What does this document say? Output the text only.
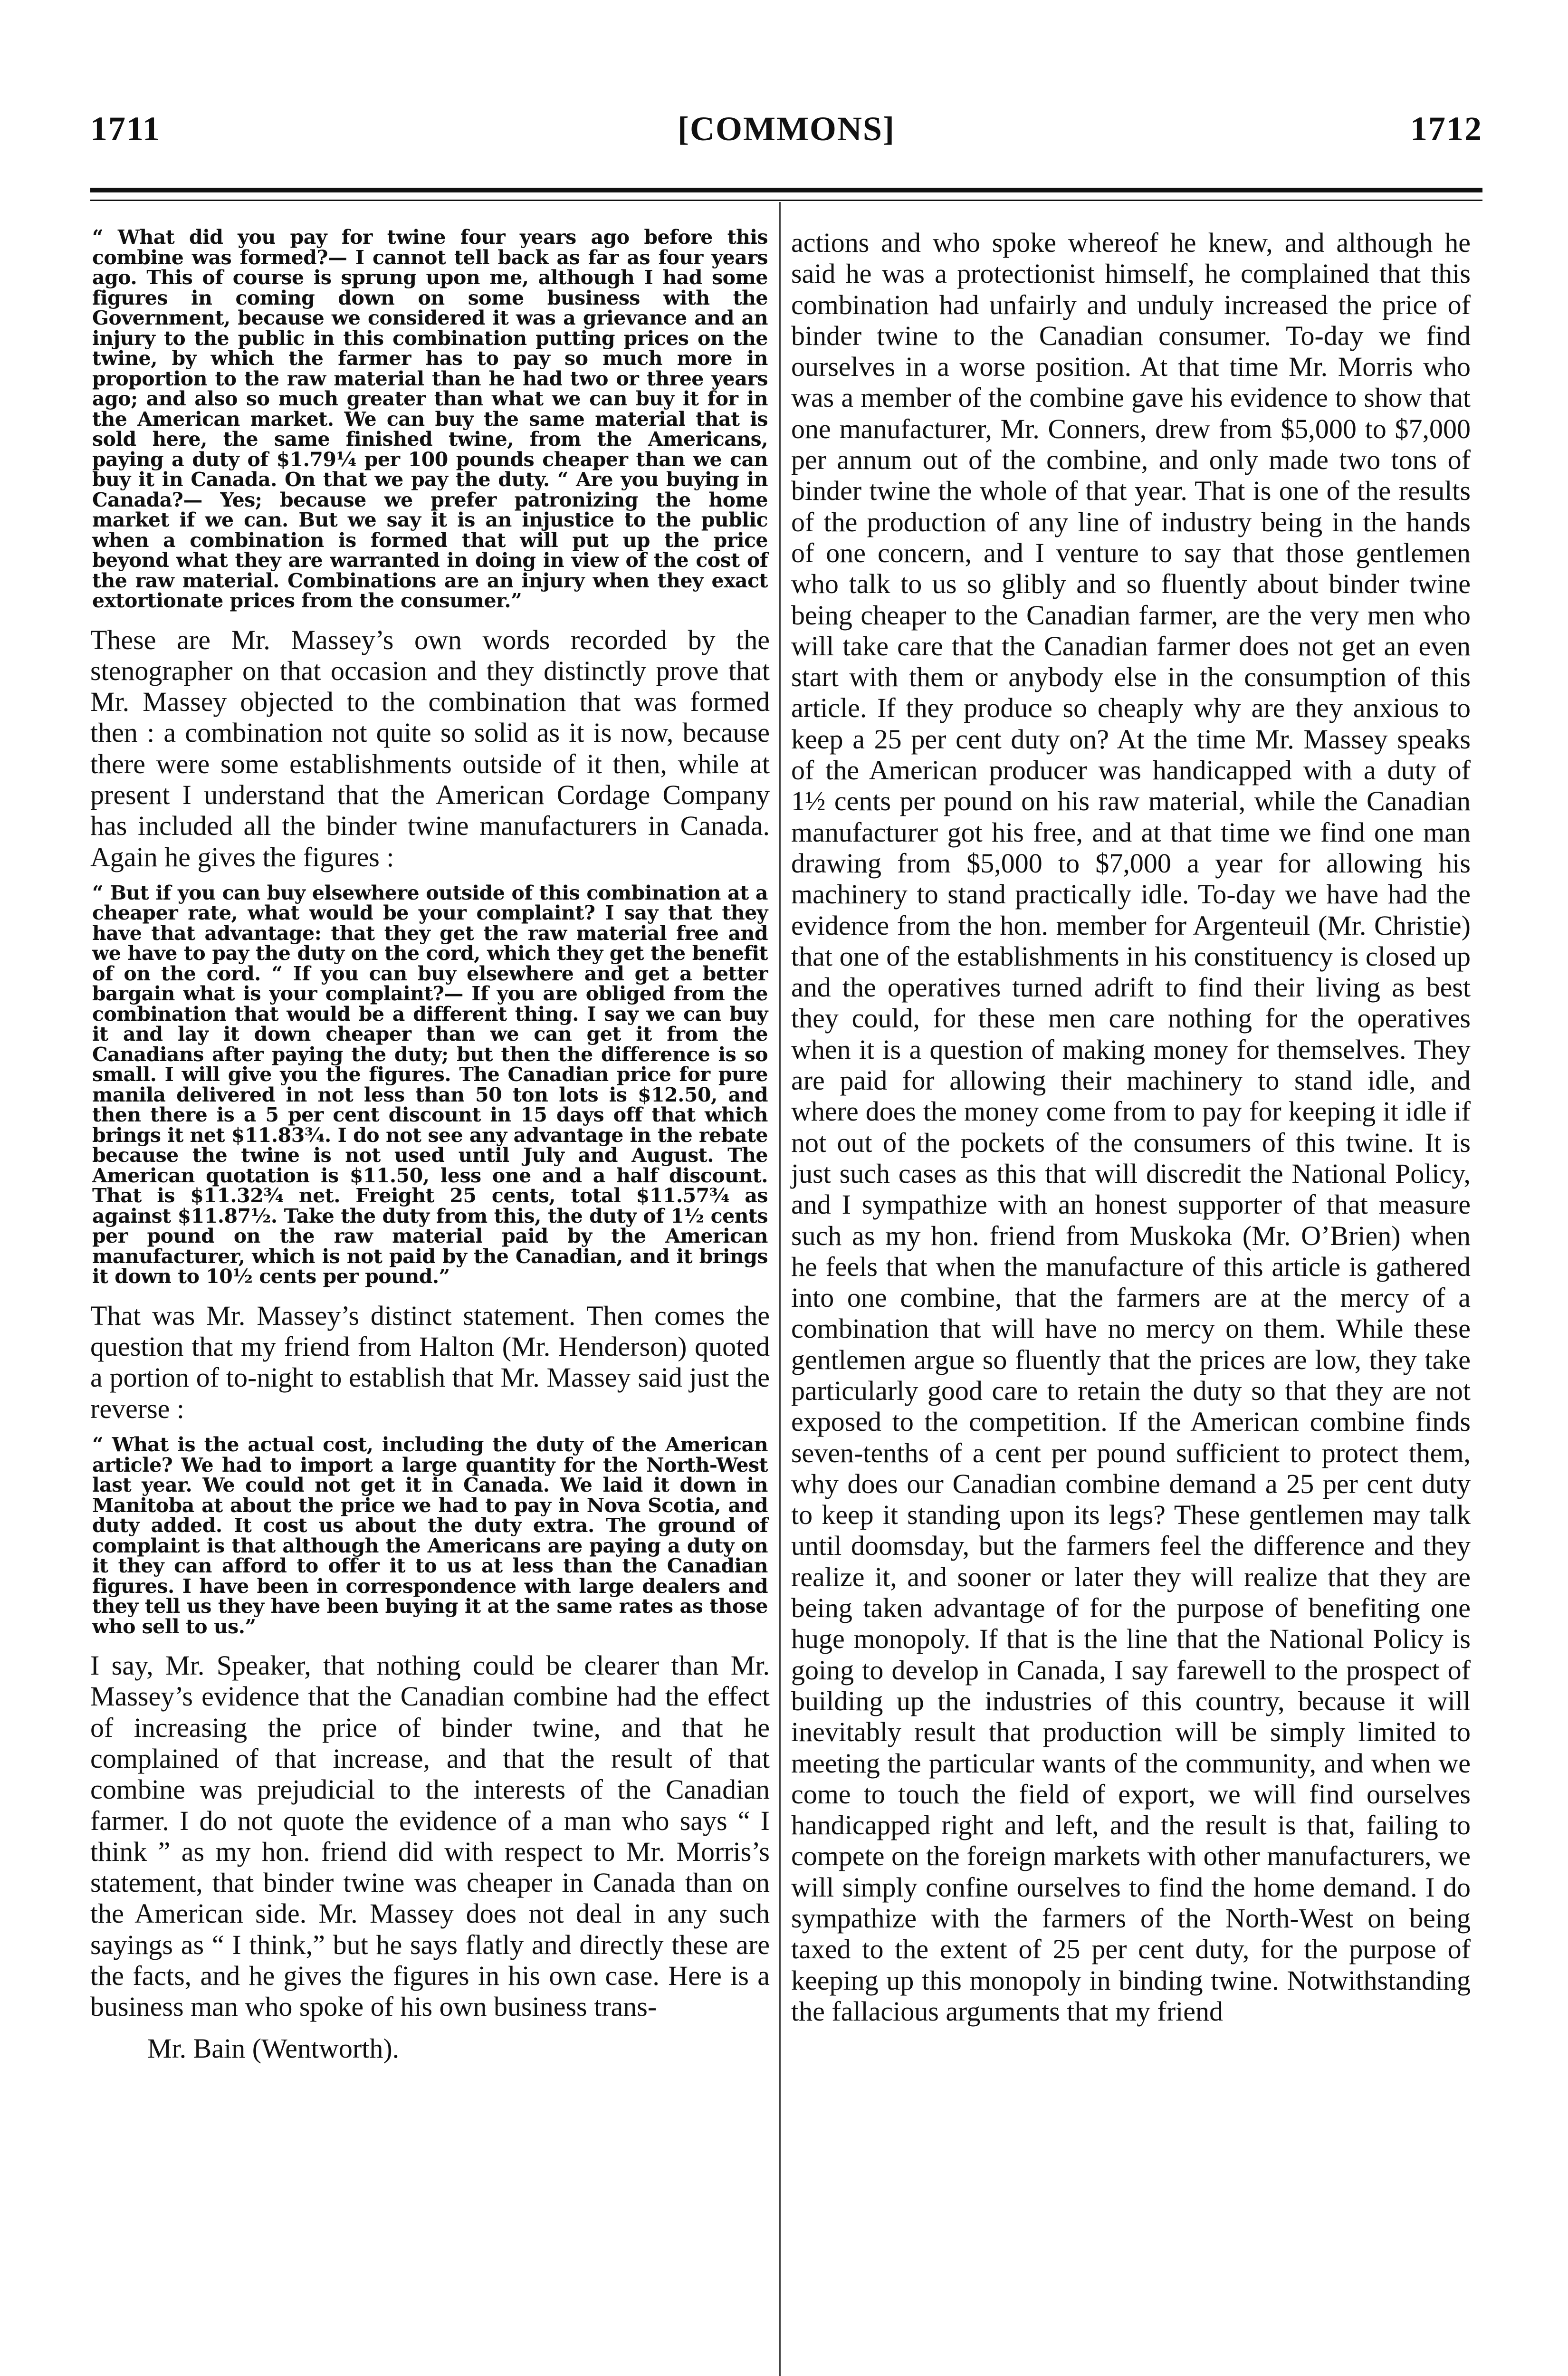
1711	[COMMONS]	1712

“ What did you pay for twine four years ago before this combine was formed?— I cannot tell back as far as four years ago. This of course is sprung upon me, although I had some figures in coming down on some business with the Government, because we considered it was a grievance and an injury to the public in this combination putting prices on the twine, by which the farmer has to pay so much more in proportion to the raw material than he had two or three years ago; and also so much greater than what we can buy it for in the American market. We can buy the same material that is sold here, the same finished twine, from the Americans, paying a duty of $1.79¼ per 100 pounds cheaper than we can buy it in Canada. On that we pay the duty. “ Are you buying in Canada?— Yes; because we prefer patronizing the home market if we can. But we say it is an injustice to the public when a combination is formed that will put up the price beyond what they are warranted in doing in view of the cost of the raw material. Combinations are an injury when they exact extortionate prices from the consumer.”

These are Mr. Massey’s own words recorded by the stenographer on that occasion and they distinctly prove that Mr. Massey objected to the combination that was formed then : a combination not quite so solid as it is now, because there were some establishments outside of it then, while at present I understand that the American Cordage Company has included all the binder twine manufacturers in Canada. Again he gives the figures :

“ But if you can buy elsewhere outside of this combination at a cheaper rate, what would be your complaint? I say that they have that advantage: that they get the raw material free and we have to pay the duty on the cord, which they get the benefit of on the cord. “ If you can buy elsewhere and get a better bargain what is your complaint?— If you are obliged from the combination that would be a different thing. I say we can buy it and lay it down cheaper than we can get it from the Canadians after paying the duty; but then the difference is so small. I will give you the figures. The Canadian price for pure manila delivered in not less than 50 ton lots is $12.50, and then there is a 5 per cent discount in 15 days off that which brings it net $11.83¾. I do not see any advantage in the rebate because the twine is not used until July and August. The American quotation is $11.50, less one and a half discount. That is $11.32¾ net. Freight 25 cents, total $11.57¾ as against $11.87½. Take the duty from this, the duty of 1½ cents per pound on the raw material paid by the American manufacturer, which is not paid by the Canadian, and it brings it down to 10½ cents per pound.”

That was Mr. Massey’s distinct statement. Then comes the question that my friend from Halton (Mr. Henderson) quoted a portion of to-night to establish that Mr. Massey said just the reverse :

“ What is the actual cost, including the duty of the American article? We had to import a large quantity for the North-West last year. We could not get it in Canada. We laid it down in Manitoba at about the price we had to pay in Nova Scotia, and duty added. It cost us about the duty extra. The ground of complaint is that although the Americans are paying a duty on it they can afford to offer it to us at less than the Canadian figures. I have been in correspondence with large dealers and they tell us they have been buying it at the same rates as those who sell to us.”

I say, Mr. Speaker, that nothing could be clearer than Mr. Massey’s evidence that the Canadian combine had the effect of increasing the price of binder twine, and that he complained of that increase, and that the result of that combine was prejudicial to the interests of the Canadian farmer. I do not quote the evidence of a man who says “ I think ” as my hon. friend did with respect to Mr. Morris’s statement, that binder twine was cheaper in Canada than on the American side. Mr. Massey does not deal in any such sayings as “ I think,” but he says flatly and directly these are the facts, and he gives the figures in his own case. Here is a business man who spoke of his own business trans-

Mr. Bain (Wentworth).

actions and who spoke whereof he knew, and although he said he was a protectionist himself, he complained that this combination had unfairly and unduly increased the price of binder twine to the Canadian consumer. To-day we find ourselves in a worse position. At that time Mr. Morris who was a member of the combine gave his evidence to show that one manufacturer, Mr. Conners, drew from $5,000 to $7,000 per annum out of the combine, and only made two tons of binder twine the whole of that year. That is one of the results of the production of any line of industry being in the hands of one concern, and I venture to say that those gentlemen who talk to us so glibly and so fluently about binder twine being cheaper to the Canadian farmer, are the very men who will take care that the Canadian farmer does not get an even start with them or anybody else in the consumption of this article. If they produce so cheaply why are they anxious to keep a 25 per cent duty on? At the time Mr. Massey speaks of the American producer was handicapped with a duty of 1½ cents per pound on his raw material, while the Canadian manufacturer got his free, and at that time we find one man drawing from $5,000 to $7,000 a year for allowing his machinery to stand practically idle. To-day we have had the evidence from the hon. member for Argenteuil (Mr. Christie) that one of the establishments in his constituency is closed up and the operatives turned adrift to find their living as best they could, for these men care nothing for the operatives when it is a question of making money for themselves. They are paid for allowing their machinery to stand idle, and where does the money come from to pay for keeping it idle if not out of the pockets of the consumers of this twine. It is just such cases as this that will discredit the National Policy, and I sympathize with an honest supporter of that measure such as my hon. friend from Muskoka (Mr. O’Brien) when he feels that when the manufacture of this article is gathered into one combine, that the farmers are at the mercy of a combination that will have no mercy on them. While these gentlemen argue so fluently that the prices are low, they take particularly good care to retain the duty so that they are not exposed to the competition. If the American combine finds seven-tenths of a cent per pound sufficient to protect them, why does our Canadian combine demand a 25 per cent duty to keep it standing upon its legs? These gentlemen may talk until doomsday, but the farmers feel the difference and they realize it, and sooner or later they will realize that they are being taken advantage of for the purpose of benefiting one huge monopoly. If that is the line that the National Policy is going to develop in Canada, I say farewell to the prospect of building up the industries of this country, because it will inevitably result that production will be simply limited to meeting the particular wants of the community, and when we come to touch the field of export, we will find ourselves handicapped right and left, and the result is that, failing to compete on the foreign markets with other manufacturers, we will simply confine ourselves to find the home demand. I do sympathize with the farmers of the North-West on being taxed to the extent of 25 per cent duty, for the purpose of keeping up this monopoly in binding twine. Notwithstanding the fallacious arguments that my friend
